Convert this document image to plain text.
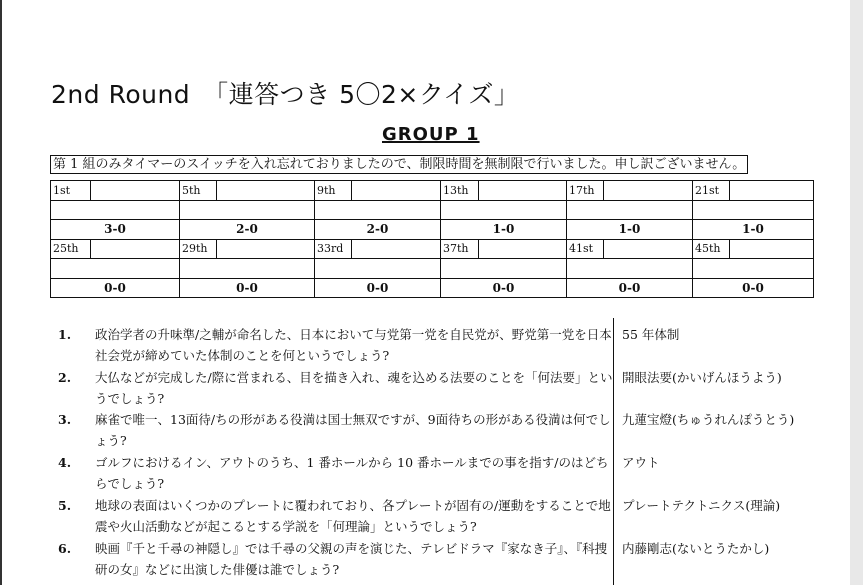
2nd Round　「連答つき 5〇2×クイズ」
GROUP 1
第 1 組のみタイマーのスイッチを入れ忘れておりましたので、制限時間を無制限で行いました。申し訳ございません。
1st		5th		9th		13th		17th		21st	

3-0		2-0		2-0		1-0		1-0		1-0	
25th		29th		33rd		37th		41st		45th	

0-0		0-0		0-0		0-0		0-0		0-0	
1. 政治学者の升味準/之輔が命名した、日本において与党第一党を自民党が、野党第一党を日本社会党が締めていた体制のことを何というでしょう?
55 年体制
2. 大仏などが完成した/際に営まれる、目を描き入れ、魂を込める法要のことを「何法要」というでしょう?
開眼法要(かいげんほうよう)
3. 麻雀で唯一、13面待/ちの形がある役満は国士無双ですが、9面待ちの形がある役満は何でしょう?
九蓮宝燈(ちゅうれんぽうとう)
4. ゴルフにおけるイン、アウトのうち、1 番ホールから 10 番ホールまでの事を指す/のはどちらでしょう?
アウト
5. 地球の表面はいくつかのプレートに覆われており、各プレートが固有の/運動をすることで地震や火山活動などが起こるとする学説を「何理論」というでしょう?
プレートテクトニクス(理論)
6. 映画『千と千尋の神隠し』では千尋の父親の声を演じた、テレビドラマ『家なき子』、『科捜研の女』などに出演した俳優は誰でしょう?
内藤剛志(ないとうたかし)
